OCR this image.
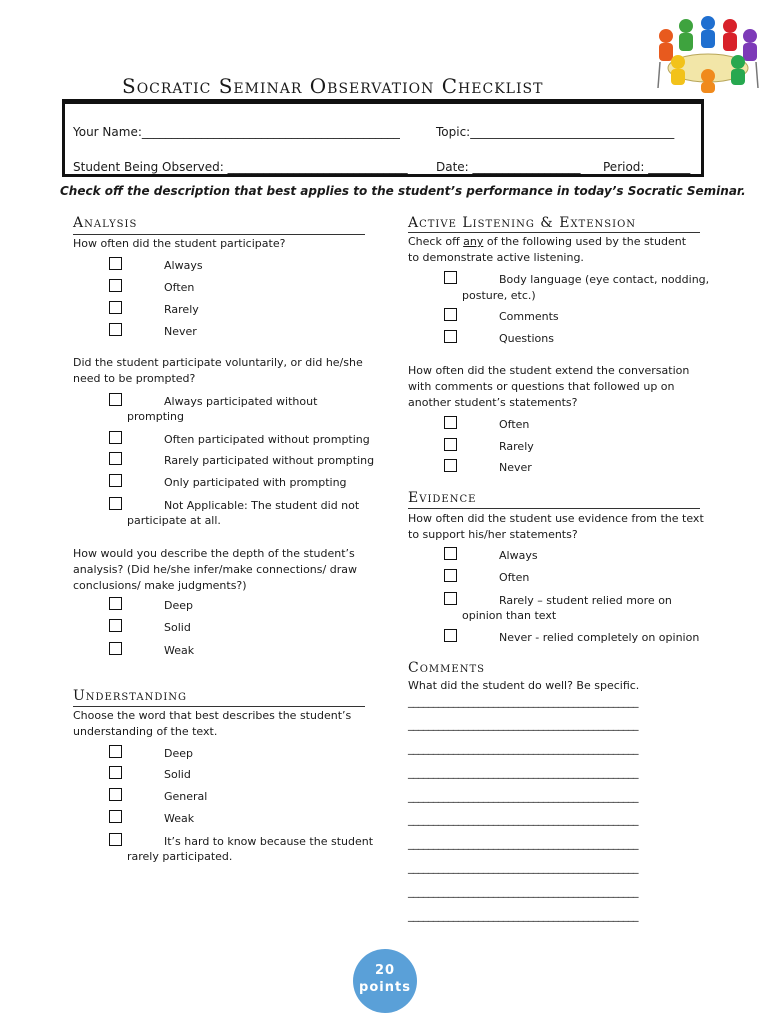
Socratic Seminar Observation Checklist
Your Name:___________________________________________	Topic:__________________________________
Student Being Observed: ______________________________ Date: __________________ Period: _______
Check off the description that best applies to the student’s performance in today’s Socratic Seminar.
Analysis
How often did the student participate?
Always
Often
Rarely
Never
Did the student participate voluntarily, or did he/she need to be prompted?
Always participated without
prompting
Often participated without prompting
Rarely participated without prompting
Only participated with prompting
Not Applicable: The student did not
participate at all.
How would you describe the depth of the student’s analysis? (Did he/she infer/make connections/ draw conclusions/ make judgments?)
Deep
Solid
Weak
Understanding
Choose the word that best describes the student’s understanding of the text.
Deep
Solid
General
Weak
It’s hard to know because the student
rarely participated.
Active Listening & Extension
Check off any of the following used by the student to demonstrate active listening.
Body language (eye contact, nodding,
posture, etc.)
Comments
Questions
How often did the student extend the conversation with comments or questions that followed up on another student’s statements?
Often
Rarely
Never
Evidence
How often did the student use evidence from the text to support his/her statements?
Always
Often
Rarely – student relied more on
opinion than text
Never - relied completely on opinion
Comments
What did the student do well? Be specific.
______________________________________________
______________________________________________
______________________________________________
______________________________________________
______________________________________________
______________________________________________
______________________________________________
______________________________________________
______________________________________________
______________________________________________
20
points
